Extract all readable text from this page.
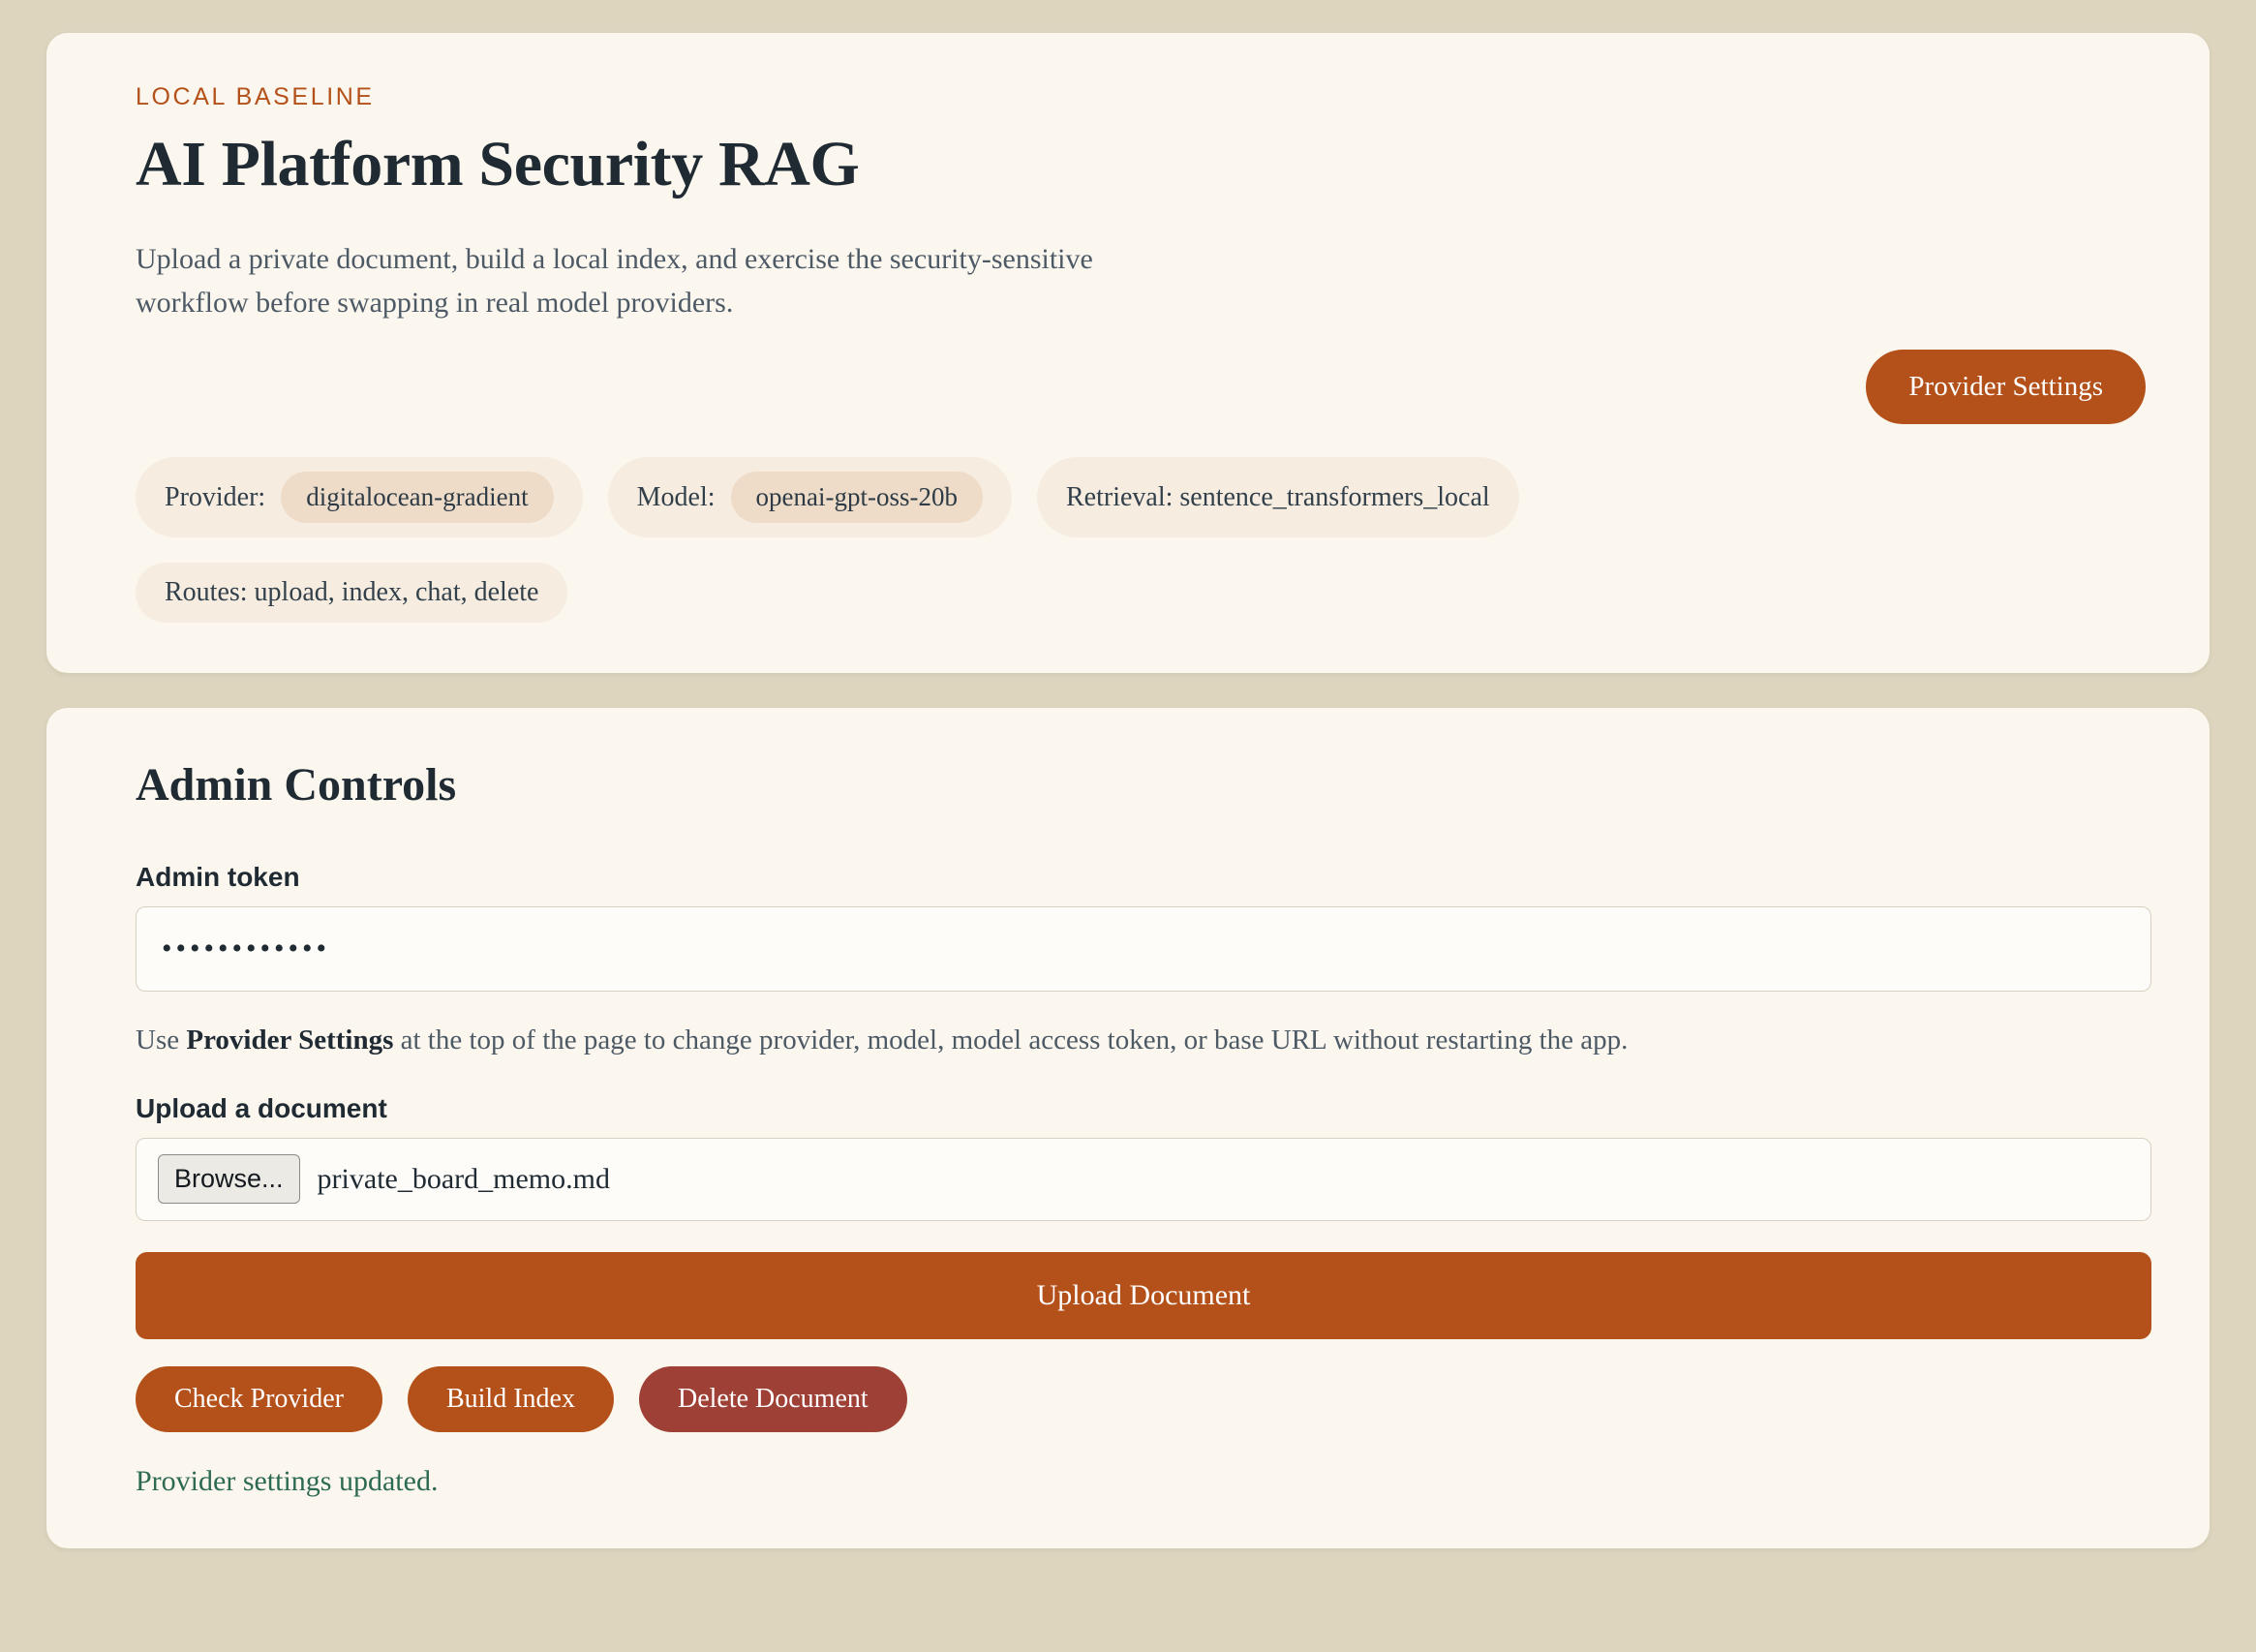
LOCAL BASELINE
AI Platform Security RAG

Upload a private document, build a local index, and exercise the security-sensitive workflow before swapping in real model providers.

Provider Settings
Provider:	digitalocean-gradient	Model:	openai-gpt-oss-20b	Retrieval: sentence_transformers_local
Routes: upload, index, chat, delete
Admin Controls
Admin token
••••••••••••

Use Provider Settings at the top of the page to change provider, model, model access token, or base URL without restarting the app.

Upload a document
Browse...	private_board_memo.md
Upload Document
Check Provider	Build Index	Delete Document
Provider settings updated.
